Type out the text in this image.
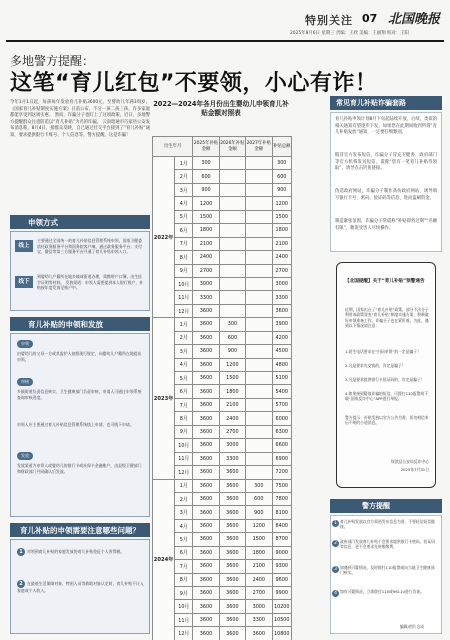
特别关注 07 北国晚报
2025年8月6日 星期三 责编：王欣 美编：王丽翔 校对：王阳
多地警方提醒：
这笔“育儿红包”不要领，小心有诈！
今年1月1日起，每孩每年发放育儿补贴3600元，至婴幼儿年满3周岁。《国家育儿补贴制度实施方案》日前公布，不分一孩二孩三孩，许多家庭都能享受到这项实惠。 然而，诈骗分子也盯上了这项政策。近日，多地警方提醒群众注意防范以“育儿补贴”为名的诈骗。 云南昭通市巧家县公安发布消息称，8月4日，接群众反映，自己通过社交平台接到了“育儿补贴”通知，要求提供银行卡账号、个人信息等。警方提醒，这是诈骗！
申领方式
线上
主要通过全国统一的育儿补贴信息管理系统申领，国家卫健委依托政务服务平台和国务院客户端，通过政务服务平台、支付宝、微信等第三方服务平台开通了育儿补贴申领入口。
线下
到婴幼儿户籍所在地乡镇或街道办理，需携带户口簿、出生医学证明等材料。 发放渠道：申领人需要提供本人银行账户，补贴按年度发放至账户中。
育儿补贴的申领和发放
申领
由婴幼儿的父母一方或其监护人按照现行规定，向婴幼儿户籍所在地提出申领。
审核
乡镇街道负责信息核实，卫生健康部门负责审核，申请人可通过申领系统查询审核进度。
申领人应主要通过育儿补贴信息管理系统线上申请，也可线下申请。
发放
发放渠道为申领人或婴幼儿的银行卡或社保卡金融账户，由县级卫健部门和财政部门共同确认后发放。
育儿补贴的申领需要注意哪些问题？
1 对领到育儿补贴的家庭发放的育儿补贴免征个人所得税。
2 在最低生活保障对象、特困人员等救助对象认定时，育儿补贴不计入家庭或个人收入。
2022—2024年各月份出生婴幼儿申领育儿补贴金额对照表
出生年月		2025年补贴金额	2026年补贴金额	2027年补贴金额	补贴总额
2022年	1月	300			300
	2月	600			600
	3月	900			900
	4月	1200			1200
	5月	1500			1500
	6月	1800			1800
	7月	2100			2100
	8月	2400			2400
	9月	2700			2700
	10月	3000			3000
	11月	3300			3300
	12月	3600			3600
2023年	1月	3600	300		3900
	2月	3600	600		4200
	3月	3600	900		4500
	4月	3600	1200		4800
	5月	3600	1500		5100
	6月	3600	1800		5400
	7月	3600	2100		5700
	8月	3600	2400		6000
	9月	3600	2700		6300
	10月	3600	3000		6600
	11月	3600	3300		6900
	12月	3600	3600		7200
2024年	1月	3600	3600	300	7500
	2月	3600	3600	600	7800
	3月	3600	3600	900	8100
	4月	3600	3600	1200	8400
	5月	3600	3600	1500	8700
	6月	3600	3600	1800	9000
	7月	3600	3600	2100	9300
	8月	3600	3600	2400	9600
	9月	3600	3600	2700	9900
	10月	3600	3600	3000	10200
	11月	3600	3600	3300	10500
	12月	3600	3600	3600	10800
常见育儿补贴诈骗套路
育儿补贴申领计划8月下旬起陆续开放，后续，类似的相关通知有望逐步下发，如果您在此期间收到所谓“育儿补贴发放”通知，一定要仔细甄别。
假冒官方发布短信，诈骗分子冒充卫健委、政府部门等官方机构发送短信，谎称“您有一笔育儿补贴待领取”，诱导点击钓鱼链接。
伪造政府网站，诈骗分子制作高仿政府网站，诱导填写银行卡号、密码、验证码等信息，进而盗刷资金。
制造紧张氛围，诈骗分子常谎称“补贴即将过期”“名额有限”，催促受害人尽快操作。
【北国提醒】关于“育儿补贴”预警通告
近期，国家出台了“育儿补贴”政策，部分不法分子利用该政策冒充“育儿补贴”制度实施方案，积极做好申领准备工作，诈骗分子也在紧盯着。为此，遇到以下情况请注意：
1.陌生电话要求在“扫码申领”的一定是骗子！
2.凡是要求先交钱的，肯定是骗子！
3.凡是要求提供银行卡验证码的，肯定是骗子！
4.如果接到疑似诈骗的短信，可拨打110报警或下载“国家反诈中心”APP进行举报。
警方提示：补贴发放以官方公告为准，切勿相信来历不明的小道消息。
绥滨县公安局反诈中心
2025年7月31日
警方提醒
1 育儿补贴发放以官方渠道发布信息为准，不要轻信短信链接。
2 政府部门发放育儿补贴不会要求提供银行卡密码、验证码等信息，更不会要求先转账缴费。
3 如遇到可疑情况，及时拨打110报警或向当地卫生健康部门核实。
4 如有可疑情况，立即拨打110或96110进行咨询。
编辑/图片合成
